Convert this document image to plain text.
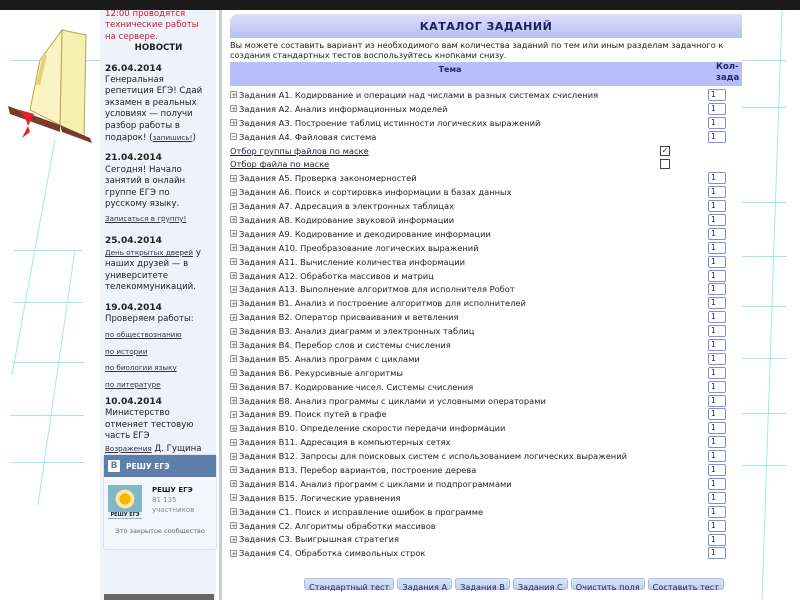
12:00 проводятся технические работы на сервере.
НОВОСТИ
26.04.2014
Генеральная репетиция ЕГЭ! Сдай экзамен в реальных условиях — получи разбор работы в подарок! (запишись!)
21.04.2014
Сегодня! Начало занятий в онлайн группе ЕГЭ по русскому языку. Записаться в группу!
25.04.2014
День открытых дверей у наших друзей — в университете телекоммуникаций.
19.04.2014
Проверяем работы:
по обществознанию
по истории
по биологии языку
по литературе
10.04.2014
Министерство отменяет тестовую часть ЕГЭ
Возражения Д. Гущина
В	РЕШУ ЕГЭ
РЕШУ ЕГЭ
РЕШУ ЕГЭ
81 135
участников
Это закрытое сообщество
КАТАЛОГ ЗАДАНИЙ
Вы можете составить вариант из необходимого вам количества заданий по тем или иным разделам задачного к
создания стандартных тестов воспользуйтесь кнопками снизу.
Тема	Кол-
зада
+ Задания A1. Кодирование и операции над числами в разных системах счисления	1
+ Задания A2. Анализ информационных моделей	1
+ Задания A3. Построение таблиц истинности логических выражений	1
− Задания A4. Файловая система	1
Отбор группы файлов по маске	✓
Отбор файла по маске
+ Задания A5. Проверка закономерностей	1
+ Задания A6. Поиск и сортировка информации в базах данных	1
+ Задания A7. Адресация в электронных таблицах	1
+ Задания A8. Кодирование звуковой информации	1
+ Задания A9. Кодирование и декодирование информации	1
+ Задания A10. Преобразование логических выражений	1
+ Задания A11. Вычисление количества информации	1
+ Задания A12. Обработка массивов и матриц	1
+ Задания A13. Выполнение алгоритмов для исполнителя Робот	1
+ Задания B1. Анализ и построение алгоритмов для исполнителей	1
+ Задания B2. Оператор присваивания и ветвления	1
+ Задания B3. Анализ диаграмм и электронных таблиц	1
+ Задания B4. Перебор слов и системы счисления	1
+ Задания B5. Анализ программ с циклами	1
+ Задания B6. Рекурсивные алгоритмы	1
+ Задания B7. Кодирование чисел. Системы счисления	1
+ Задания B8. Анализ программы с циклами и условными операторами	1
+ Задания B9. Поиск путей в графе	1
+ Задания B10. Определение скорости передачи информации	1
+ Задания B11. Адресация в компьютерных сетях	1
+ Задания B12. Запросы для поисковых систем с использованием логических выражений	1
+ Задания B13. Перебор вариантов, построение дерева	1
+ Задания B14. Анализ программ с циклами и подпрограммами	1
+ Задания B15. Логические уравнения	1
+ Задания C1. Поиск и исправление ошибок в программе	1
+ Задания C2. Алгоритмы обработки массивов	1
+ Задания C3. Выигрышная стратегия	1
+ Задания C4. Обработка символьных строк	1
Стандартный тест	Задания A	Задания B	Задания C	Очистить поля	Составить тест
